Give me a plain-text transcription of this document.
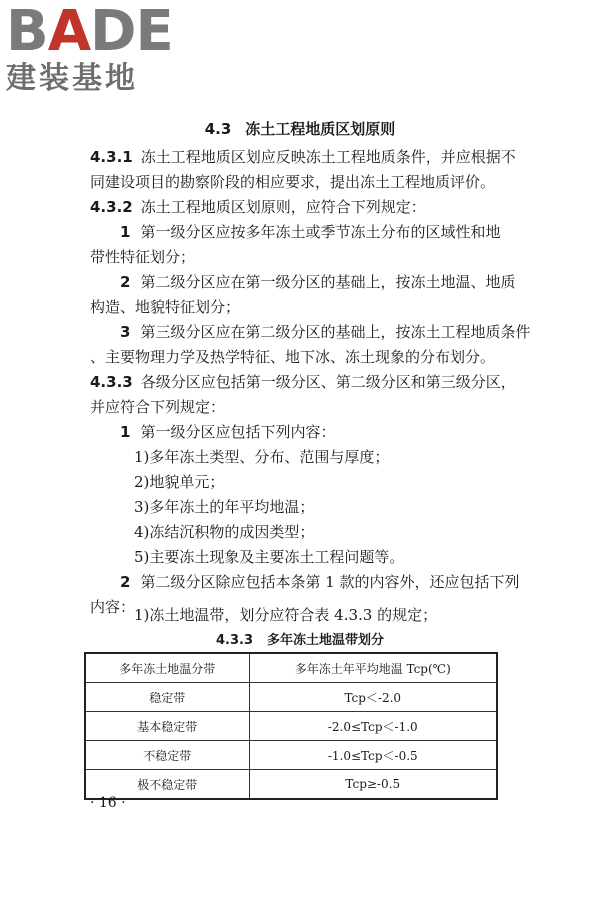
BADE
建装基地
4.3 冻土工程地质区划原则
4.3.1 冻土工程地质区划应反映冻土工程地质条件，并应根据不
同建设项目的勘察阶段的相应要求，提出冻土工程地质评价。
4.3.2 冻土工程地质区划原则，应符合下列规定：
1 第一级分区应按多年冻土或季节冻土分布的区域性和地
带性特征划分；
2 第二级分区应在第一级分区的基础上，按冻土地温、地质
构造、地貌特征划分；
3 第三级分区应在第二级分区的基础上，按冻土工程地质条件
、主要物理力学及热学特征、地下冰、冻土现象的分布划分。
4.3.3 各级分区应包括第一级分区、第二级分区和第三级分区，
并应符合下列规定：
1 第一级分区应包括下列内容：
1)多年冻土类型、分布、范围与厚度；
2)地貌单元；
3)多年冻土的年平均地温；
4)冻结沉积物的成因类型；
5)主要冻土现象及主要冻土工程问题等。
2 第二级分区除应包括本条第 1 款的内容外，还应包括下列
内容：
1)冻土地温带，划分应符合表 4.3.3 的规定；
4.3.3 多年冻土地温带划分
多年冻土地温分带	多年冻土年平均地温 Tcp(℃)
稳定带	Tcp＜-2.0
基本稳定带	-2.0≤Tcp＜-1.0
不稳定带	-1.0≤Tcp＜-0.5
极不稳定带	Tcp≥-0.5
· 16 ·
